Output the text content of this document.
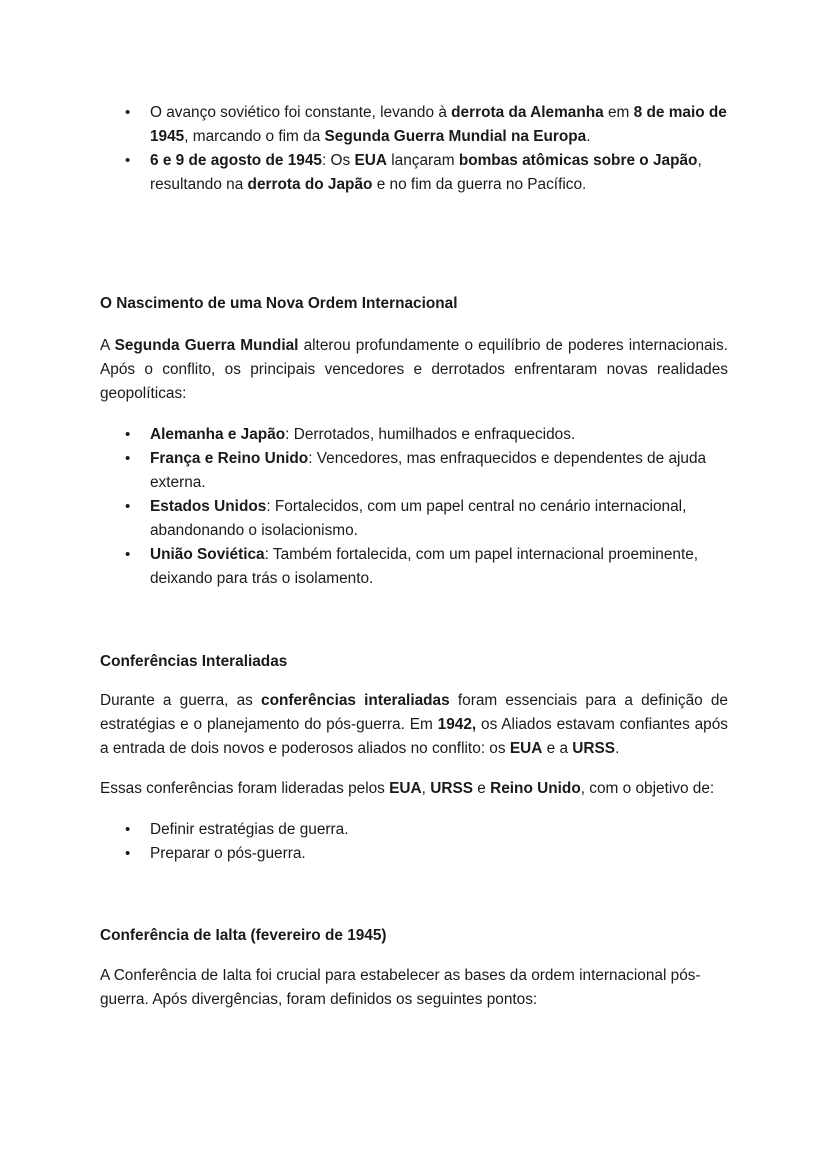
• O avanço soviético foi constante, levando à derrota da Alemanha em 8 de maio de 1945, marcando o fim da Segunda Guerra Mundial na Europa.
• 6 e 9 de agosto de 1945: Os EUA lançaram bombas atômicas sobre o Japão, resultando na derrota do Japão e no fim da guerra no Pacífico.
O Nascimento de uma Nova Ordem Internacional

A Segunda Guerra Mundial alterou profundamente o equilíbrio de poderes internacionais. Após o conflito, os principais vencedores e derrotados enfrentaram novas realidades geopolíticas:

• Alemanha e Japão: Derrotados, humilhados e enfraquecidos.
• França e Reino Unido: Vencedores, mas enfraquecidos e dependentes de ajuda externa.
• Estados Unidos: Fortalecidos, com um papel central no cenário internacional, abandonando o isolacionismo.
• União Soviética: Também fortalecida, com um papel internacional proeminente, deixando para trás o isolamento.
Conferências Interaliadas

Durante a guerra, as conferências interaliadas foram essenciais para a definição de estratégias e o planejamento do pós-guerra. Em 1942, os Aliados estavam confiantes após a entrada de dois novos e poderosos aliados no conflito: os EUA e a URSS.

Essas conferências foram lideradas pelos EUA, URSS e Reino Unido, com o objetivo de:

• Definir estratégias de guerra.
• Preparar o pós-guerra.
Conferência de Ialta (fevereiro de 1945)

A Conferência de Ialta foi crucial para estabelecer as bases da ordem internacional pós-guerra. Após divergências, foram definidos os seguintes pontos:
